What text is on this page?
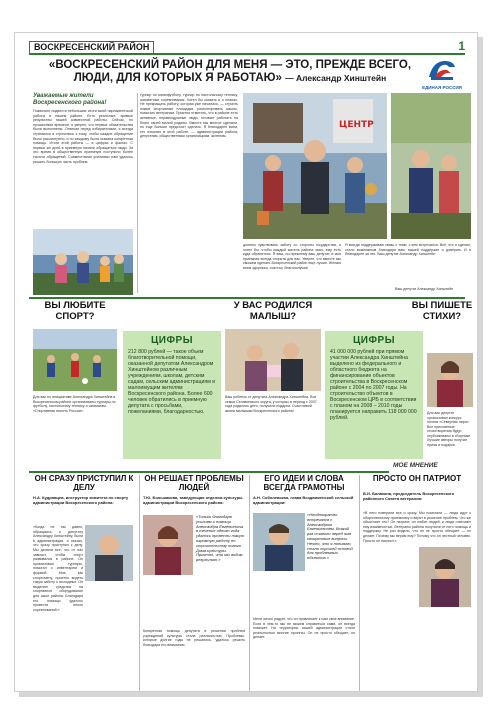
ВОСКРЕСЕНСКИЙ РАЙОН	1
«ВОСКРЕСЕНСКИЙ РАЙОН ДЛЯ МЕНЯ — ЭТО, ПРЕЖДЕ ВСЕГО, ЛЮДИ, ДЛЯ КОТОРЫХ Я РАБОТАЮ» — Александр Хинштейн
ЕДИНАЯ РОССИЯ
Уважаемые жители Воскресенского района!
Позвольте подвести небольшие итоги моей парламентской работы в нашем районе. Есть реальные, зримые результаты нашей совместной работы. Сейчас, по прошествии времени, я уверен, что первые обязательства были выполнены. Отвечая перед избирателями, я всегда стремился и стремлюсь к тому, чтобы каждое обращение было рассмотрено, и по каждому была оказана конкретная помощь. Итоги этой работы — в цифрах и фактах. С первых же дней в приемную начали обращаться люди. За это время в общественную приемную поступило более тысячи обращений. Совместными усилиями нам удалось решить большую часть проблем.
турнир по минифутболу, турнир по настольному теннису, шахматные соревнования. Хотел бы сказать и о планах. Не прекращать работу, которая уже началась, — строить новые спортивные площадки, ремонтировать школы, помогать ветеранам. Приятно отметить, что в районе есть активные, неравнодушные люди, готовые работать на благо своей малой родины. Вместе мы многое сделали, но еще больше предстоит сделать. Я благодарен всем, кто помогал в этой работе, — администрации района, депутатам, общественным организациям, жителям.
ЦЕНТР
долины чувствовать заботу со стороны государства, я хотел бы, чтобы каждый житель района знал: ему есть куда обратиться. Я ваш, по-прежнему ваш депутат, и моя приемная всегда открыта для вас. Уверен, что вместе мы сможем сделать Воскресенский район еще лучше. Желаю всем здоровья, счастья, благополучия!
Я всегда поддерживаю связь с теми, с кем встречался. Всё, что я сделал, стало возможным благодаря вам, вашей поддержке и доверию. И я благодарен за это. Ваш депутат Александр Хинштейн
Ваш депутат Александр Хинштейн
ВЫ ЛЮБИТЕ СПОРТ?
Для вас по инициативе Александра Хинштейна в Воскресенском районе организованы турниры по футболу, настольному теннису и шахматам. «Спортивная юность России».
ЦИФРЫ
212 800 рублей — такое объем благотворительной помощи, оказанной депутатом Александром Хинштейном различным учреждениям, школам, детским садам, сельским администрациям и малоимущим жителям Воскресенского района. Более 600 человек обратились в приемную депутата с просьбами, пожеланиями, благодарностью.
У ВАС РОДИЛСЯ МАЛЫШ?
Ваш ребенок от депутата Александра Хинштейна. Все семьи Селявинского округа, у которых в период с 2007 года родились дети, получили подарки. Счастливой жизни малышам Воскресенского района!
ЦИФРЫ
41 000 000 рублей при прямом участии Александра Хинштейна выделено из федерального и областного бюджета на финансирование объектов строительства в Воскресенском районе с 2004 по 2007 годы. На строительство объектов в Воскресенском ЦРБ в соответствии с планом на 2008 – 2010 годы планируется направить 118 000 000 рублей.
ВЫ ПИШЕТЕ СТИХИ?
Для вас депутат организовал конкурс поэтов «Северная лира». Все присланные стихотворения будут опубликованы в сборнике. Лучшие авторы получат призы и подарки.
МОЕ МНЕНИЕ
ОН СРАЗУ ПРИСТУПИЛ К ДЕЛУ
Н.А. Кудрявцев, инструктор комитета по спорту администрации Воскресенского района:
«Когда не так давно, обращаясь к депутату Александру Хинштейну, были в администрации, я сказал, что сразу приступил к делу. Мы делали все, что от нас зависит, чтобы спорт развивался в районе. Он организовал турниры, помогал с инвентарем и формой. Мне, как спортсмену, приятно видеть такую заботу о молодежи. Он выделил средства на спортивное оборудование для школ района. Благодаря его помощи удалось провести много соревнований.»
ОН РЕШАЕТ ПРОБЛЕМЫ ЛЮДЕЙ
Т.Ю. Большакова, заведующая отделом культуры администрации Воскресенского района:
«Только благодаря усилиям и помощи Александра Евгеньевича в течение одного года удалось провести такую огромную работу по строительству нового Дома культуры. Приятно, что мы видим результат.»
Конкретная помощь депутата в решении проблем учреждений культуры стала реальностью. Проблемы, которые долгие годы не решались, удалось решить благодаря его вниманию.
ЕГО ИДЕИ И СЛОВА ВСЕГДА ГРАМОТНЫ
А.Н. Соболевская, глава Воздвиженской сельской администрации:
«Неоднократно встречался с Александром Евгеньевичем. Всякий раз ставили перед ним конкретные вопросы. Нечто, что я понимаю, стало хорошей основой для проблемных объектов.»
Меня лично радует, что он привлекает к нам свое внимание. Если в чем-то мы не можем справиться сами, он всегда поможет. На территории нашей администрации стали реальностью многие проекты. Он не просто обещает, он делает.
ПРОСТО ОН ПАТРИОТ
В.И. Балакина, председатель Воскресенского районного Совета ветеранов:
«В него поверили все и сразу. Мы помогали — люди идут к общественному приемному и верят в решение проблем. Что же объясняет это? Он патриот, он любит людей, и люди отвечают ему взаимностью. Ветераны района получили от него помощь и поддержку. Не раз видели, что он не просто обещает — он делает. Почему мы верим ему? Потому что он честный человек. Просто он патриот.»
